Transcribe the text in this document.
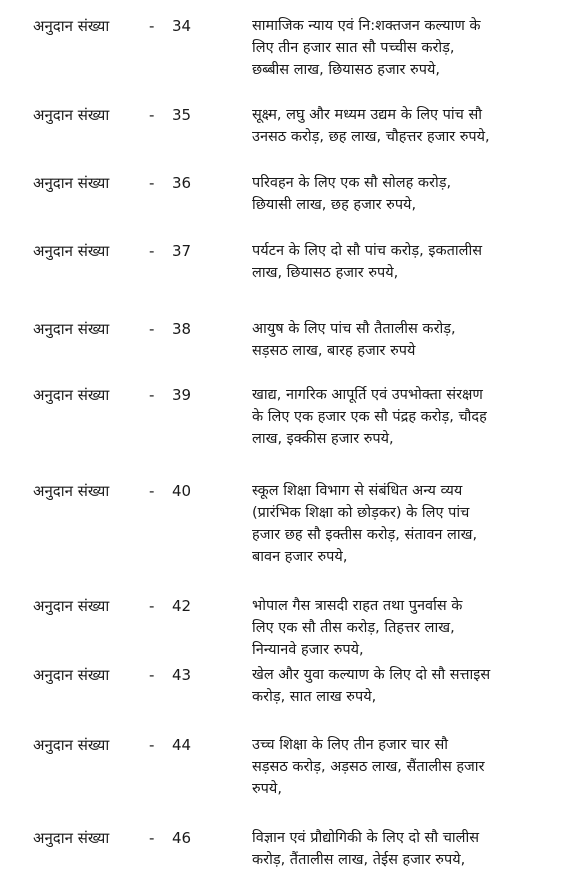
अनुदान संख्या	- 34	सामाजिक न्याय एवं नि:शक्तजन कल्याण के
लिए तीन हजार सात सौ पच्चीस करोड़,
छब्बीस लाख, छियासठ हजार रुपये,
अनुदान संख्या	- 35	सूक्ष्म, लघु और मध्यम उद्यम के लिए पांच सौ
उनसठ करोड़, छह लाख, चौहत्तर हजार रुपये,
अनुदान संख्या	- 36	परिवहन के लिए एक सौ सोलह करोड़,
छियासी लाख, छह हजार रुपये,
अनुदान संख्या	- 37	पर्यटन के लिए दो सौ पांच करोड़, इकतालीस
लाख, छियासठ हजार रुपये,
अनुदान संख्या	- 38	आयुष के लिए पांच सौ तैतालीस करोड़,
सड़सठ लाख, बारह हजार रुपये
अनुदान संख्या	- 39	खाद्य, नागरिक आपूर्ति एवं उपभोक्ता संरक्षण
के लिए एक हजार एक सौ पंद्रह करोड़, चौदह
लाख, इक्कीस हजार रुपये,
अनुदान संख्या	- 40	स्कूल शिक्षा विभाग से संबंधित अन्य व्यय
(प्रारंभिक शिक्षा को छोड़कर) के लिए पांच
हजार छह सौ इक्तीस करोड़, संतावन लाख,
बावन हजार रुपये,
अनुदान संख्या	- 42	भोपाल गैस त्रासदी राहत तथा पुनर्वास के
लिए एक सौ तीस करोड़, तिहत्तर लाख,
निन्यानवे हजार रुपये,
अनुदान संख्या	- 43	खेल और युवा कल्याण के लिए दो सौ सत्ताइस
करोड़, सात लाख रुपये,
अनुदान संख्या	- 44	उच्च शिक्षा के लिए तीन हजार चार सौ
सड़सठ करोड़, अड़सठ लाख, सैंतालीस हजार
रुपये,
अनुदान संख्या	- 46	विज्ञान एवं प्रौद्योगिकी के लिए दो सौ चालीस
करोड़, तैंतालीस लाख, तेईस हजार रुपये,
